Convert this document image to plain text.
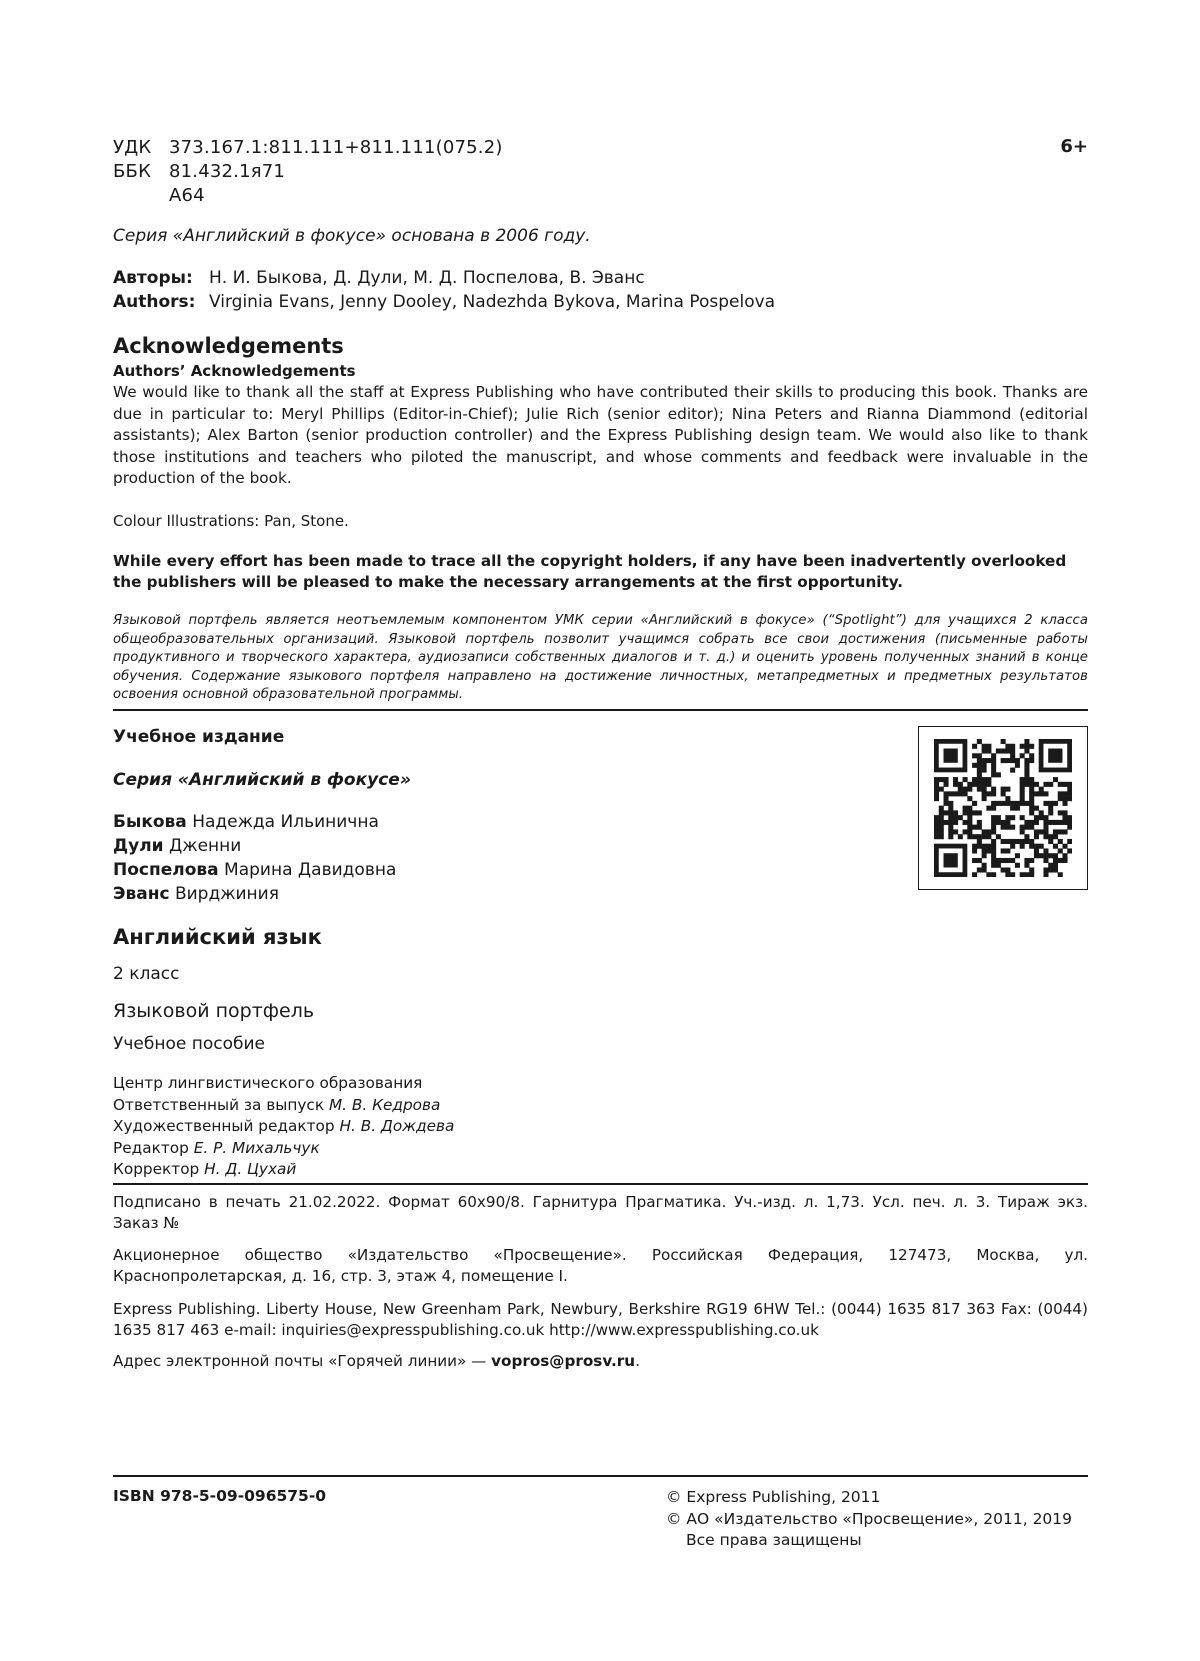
УДК 373.167.1:811.111+811.111(075.2)
ББК 81.432.1я71
А64
6+
Серия «Английский в фокусе» основана в 2006 году.
Авторы: Н. И. Быкова, Д. Дули, М. Д. Поспелова, В. Эванс
Authors: Virginia Evans, Jenny Dooley, Nadezhda Bykova, Marina Pospelova
Acknowledgements
Authors’ Acknowledgements
We would like to thank all the staff at Express Publishing who have contributed their skills to producing this book. Thanks are due in particular to: Meryl Phillips (Editor-in-Chief); Julie Rich (senior editor); Nina Peters and Rianna Diammond (editorial assistants); Alex Barton (senior production controller) and the Express Publishing design team. We would also like to thank those institutions and teachers who piloted the manuscript, and whose comments and feedback were invaluable in the production of the book.
Colour Illustrations: Pan, Stone.
While every effort has been made to trace all the copyright holders, if any have been inadvertently overlooked the publishers will be pleased to make the necessary arrangements at the first opportunity.
Языковой портфель является неотъемлемым компонентом УМК серии «Английский в фокусе» (“Spotlight”) для учащихся 2 класса общеобразовательных организаций. Языковой портфель позволит учащимся собрать все свои достижения (письменные работы продуктивного и творческого характера, аудиозаписи собственных диалогов и т. д.) и оценить уровень полученных знаний в конце обучения. Содержание языкового портфеля направлено на достижение личностных, метапредметных и предметных результатов освоения основной образовательной программы.
Учебное издание
Серия «Английский в фокусе»
Быкова Надежда Ильинична
Дули Дженни
Поспелова Марина Давидовна
Эванс Вирджиния
Английский язык
2 класс
Языковой портфель
Учебное пособие
Центр лингвистического образования
Ответственный за выпуск М. В. Кедрова
Художественный редактор Н. В. Дождева
Редактор Е. Р. Михальчук
Корректор Н. Д. Цухай
Подписано в печать 21.02.2022. Формат 60х90/8. Гарнитура Прагматика. Уч.-изд. л. 1,73. Усл. печ. л. 3. Тираж экз. Заказ №
Акционерное общество «Издательство «Просвещение». Российская Федерация, 127473, Москва, ул. Краснопролетарская, д. 16, стр. 3, этаж 4, помещение I.
Express Publishing. Liberty House, New Greenham Park, Newbury, Berkshire RG19 6HW Tel.: (0044) 1635 817 363 Fax: (0044) 1635 817 463 e-mail: inquiries@expresspublishing.co.uk http://www.expresspublishing.co.uk
Адрес электронной почты «Горячей линии» — vopros@prosv.ru.
ISBN 978-5-09-096575-0	© Express Publishing, 2011
© АО «Издательство «Просвещение», 2011, 2019
Все права защищены
